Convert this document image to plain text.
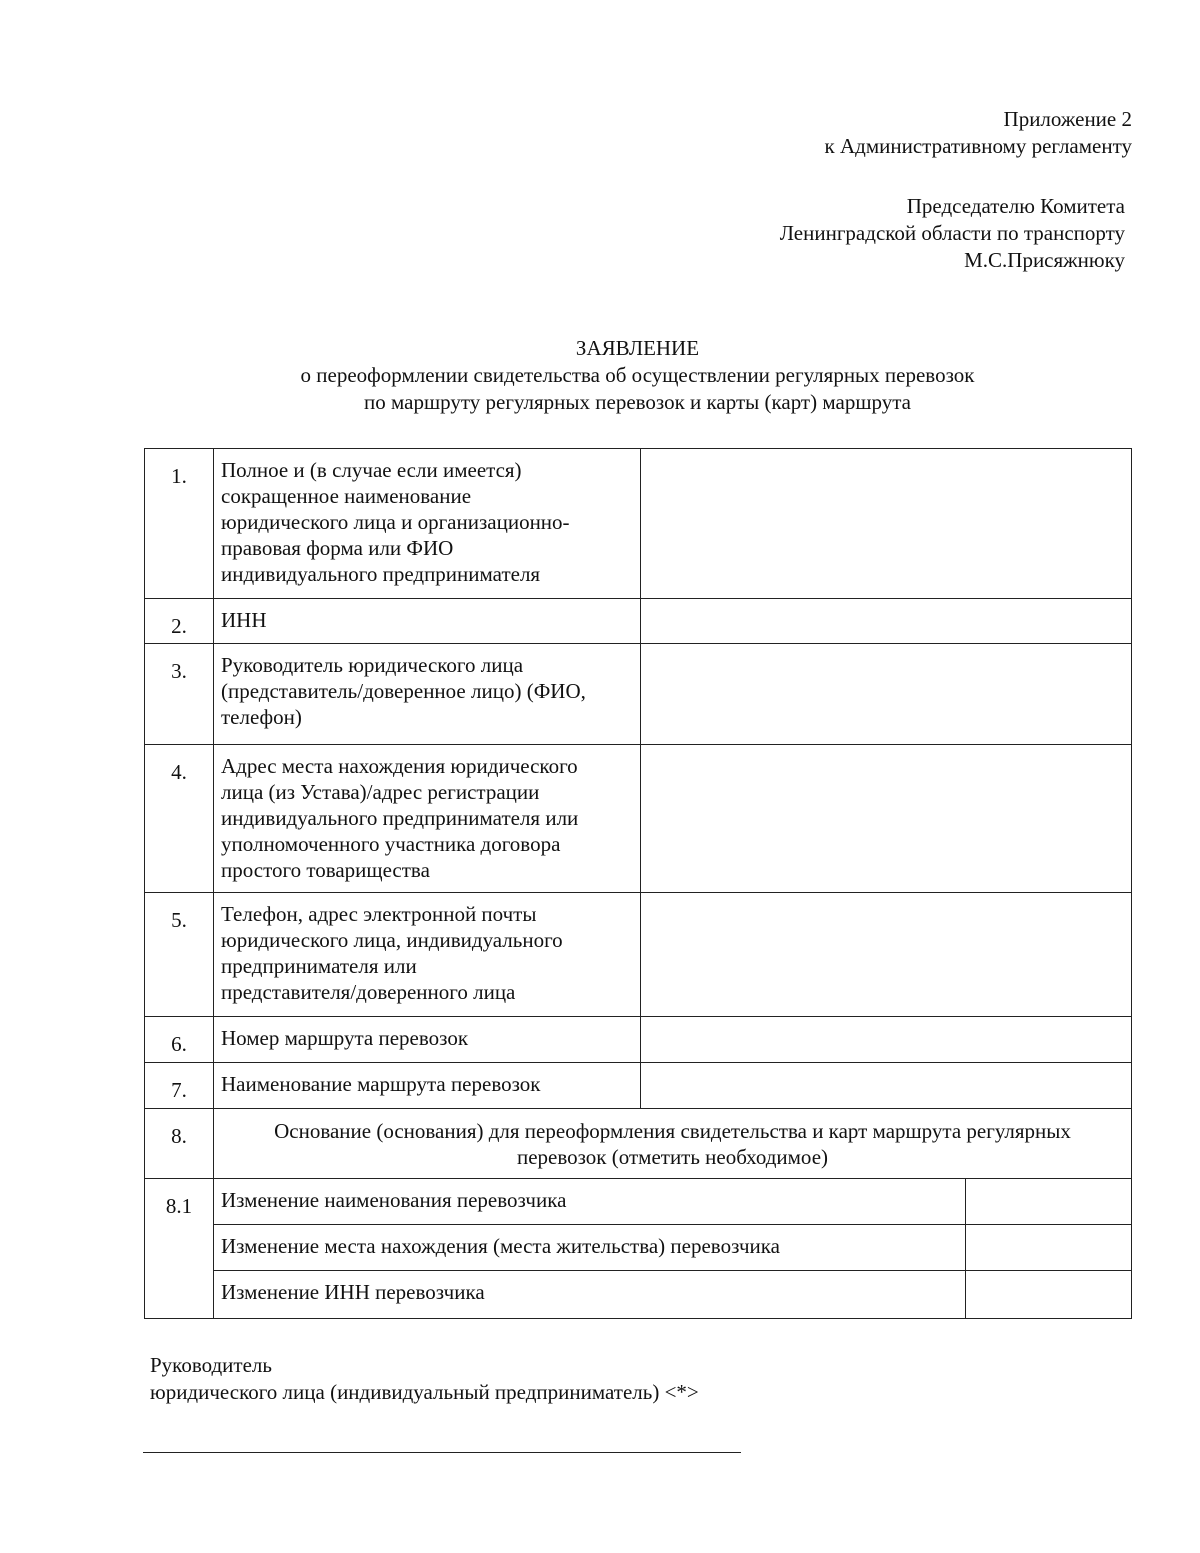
Приложение 2
к Административному регламенту
Председателю Комитета
Ленинградской области по транспорту
М.С.Присяжнюку
ЗАЯВЛЕНИЕ
о переоформлении свидетельства об осуществлении регулярных перевозок
по маршруту регулярных перевозок и карты (карт) маршрута
1.	Полное и (в случае если имеется)
сокращенное наименование
юридического лица и организационно-
правовая форма или ФИО
индивидуального предпринимателя		

2.	ИНН		

3.	Руководитель юридического лица
(представитель/доверенное лицо) (ФИО,
телефон)		

4.	Адрес места нахождения юридического
лица (из Устава)/адрес регистрации
индивидуального предпринимателя или
уполномоченного участника договора
простого товарищества		

5.	Телефон, адрес электронной почты
юридического лица, индивидуального
предпринимателя или
представителя/доверенного лица		

6.	Номер маршрута перевозок		

7.	Наименование маршрута перевозок		

8.	Основание (основания) для переоформления свидетельства и карт маршрута регулярных
перевозок (отметить необходимое)		

8.1	Изменение наименования перевозчика		
	Изменение места нахождения (места жительства) перевозчика		
	Изменение ИНН перевозчика		
Руководитель
юридического лица (индивидуальный предприниматель) <*>
